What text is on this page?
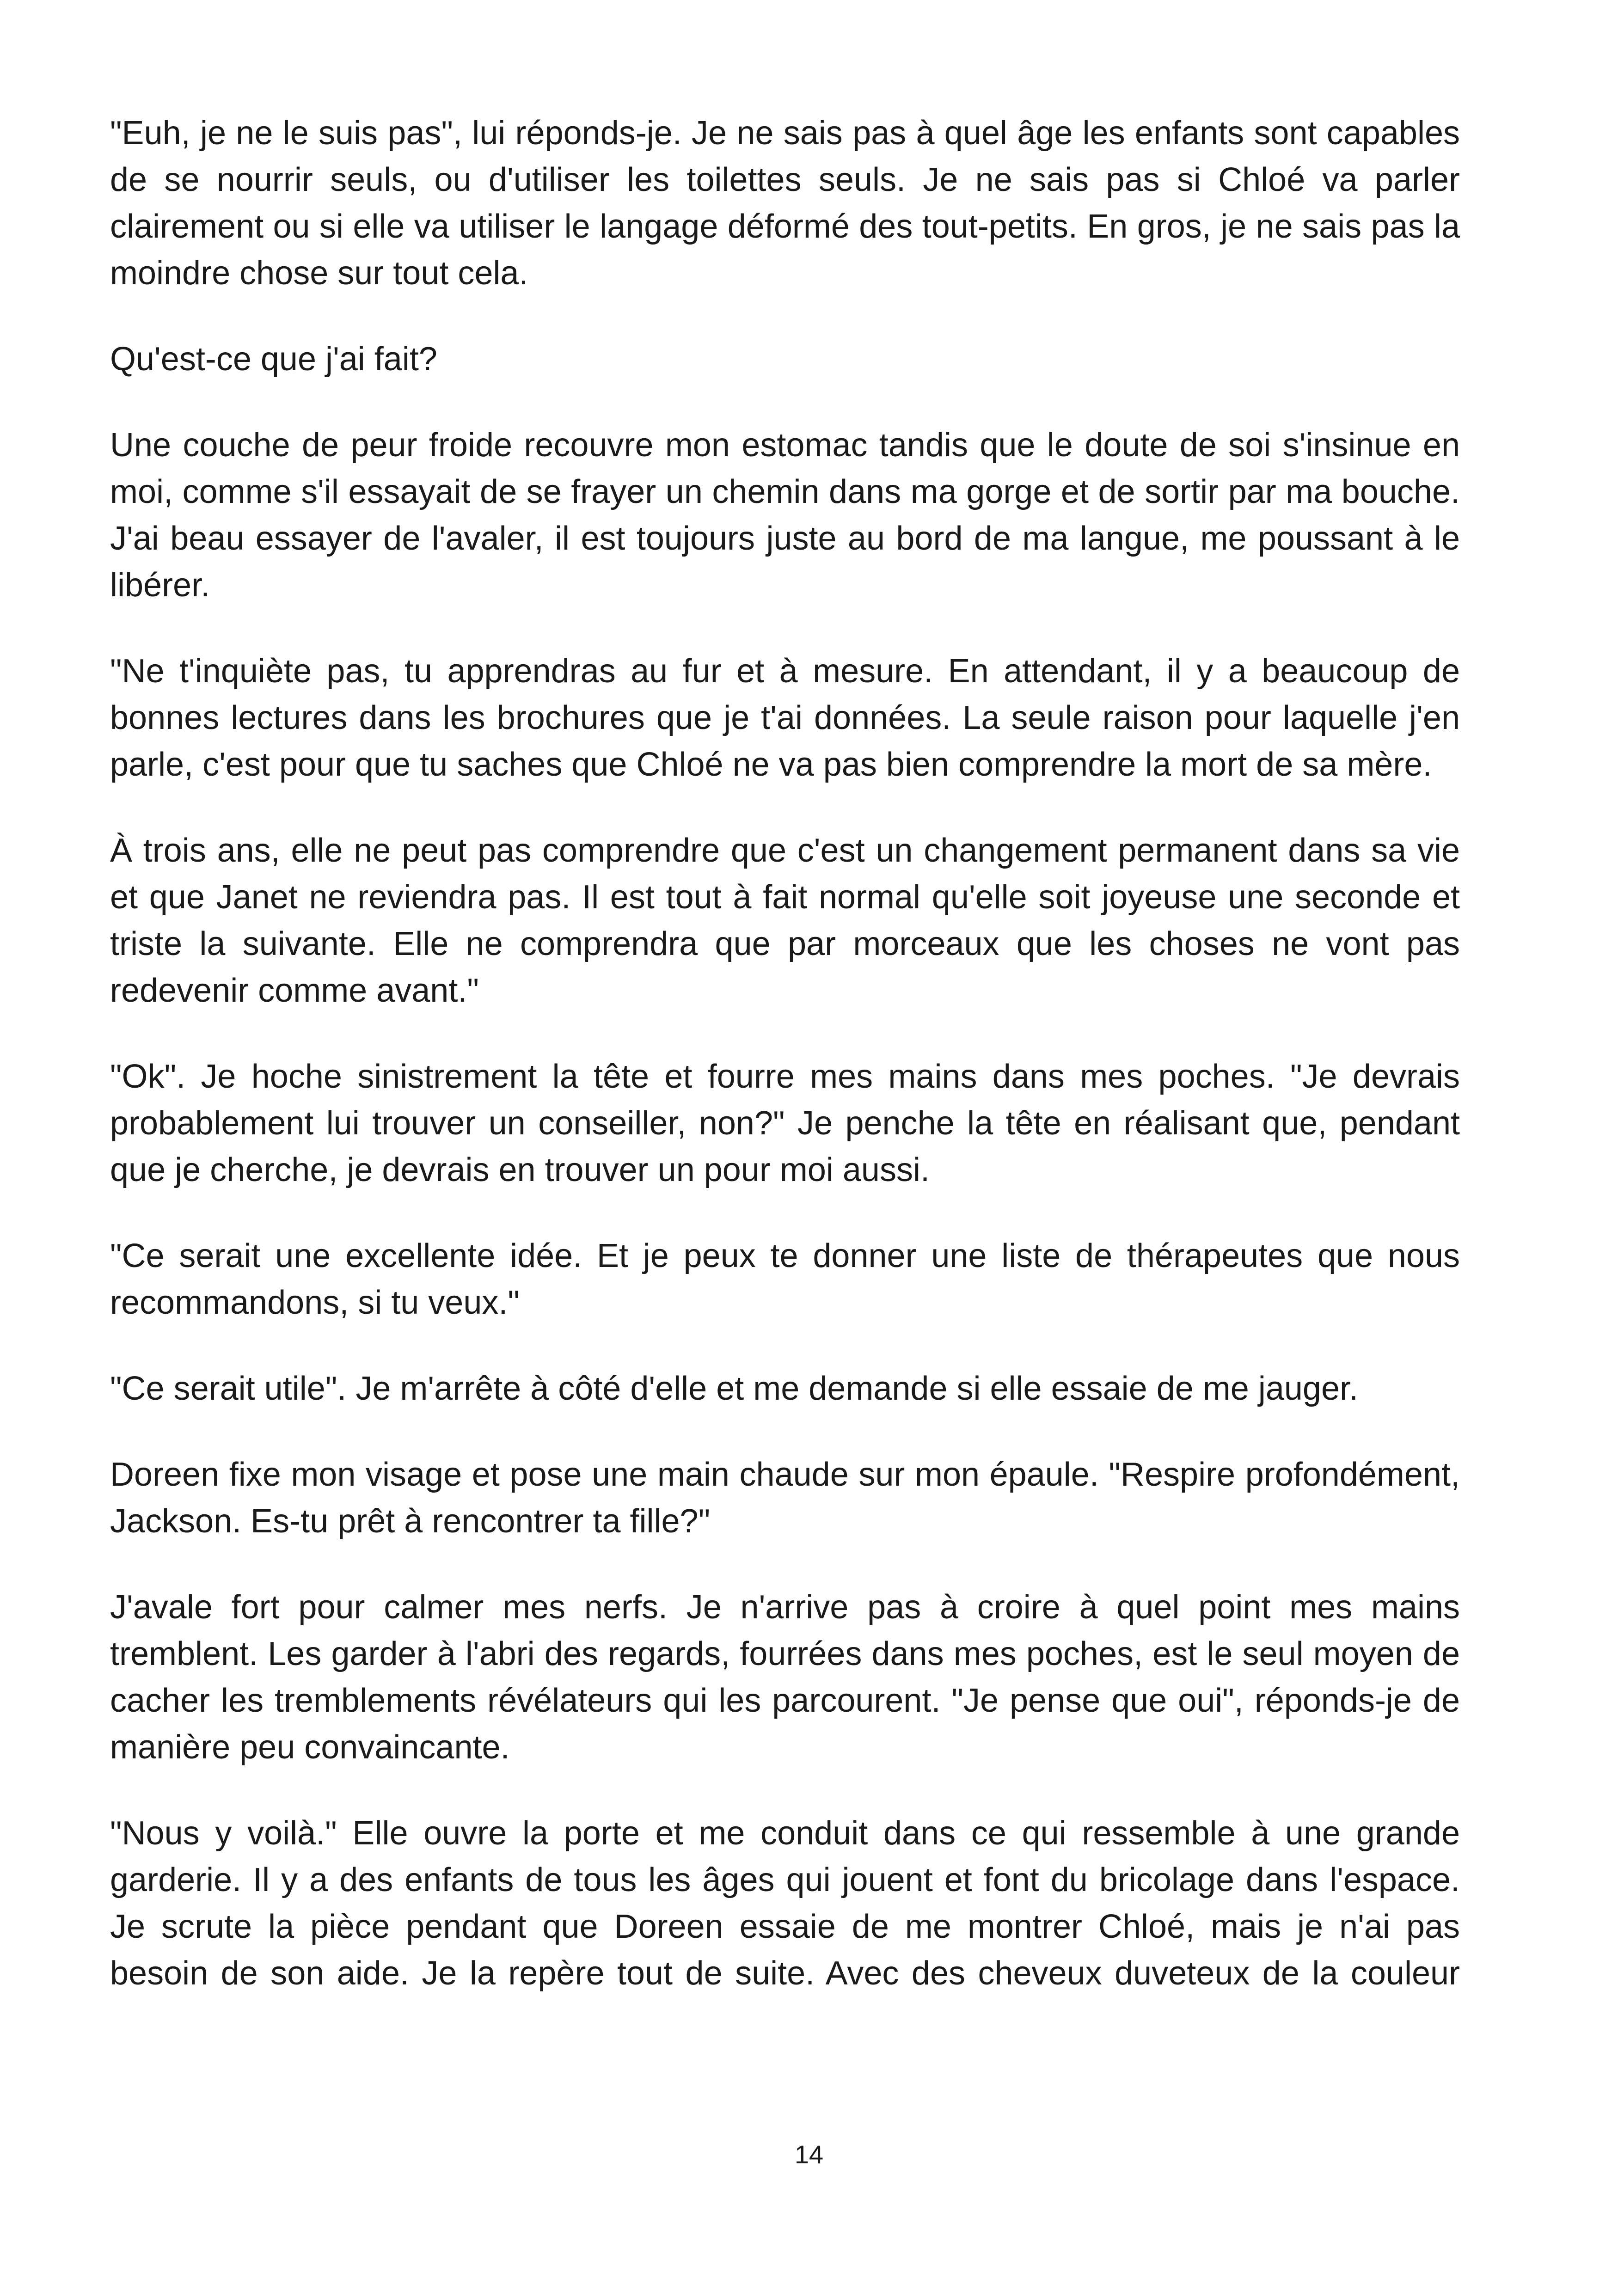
"Euh, je ne le suis pas", lui réponds-je. Je ne sais pas à quel âge les enfants sont capables de se nourrir seuls, ou d'utiliser les toilettes seuls. Je ne sais pas si Chloé va parler clairement ou si elle va utiliser le langage déformé des tout-petits. En gros, je ne sais pas la moindre chose sur tout cela.

Qu'est-ce que j'ai fait?

Une couche de peur froide recouvre mon estomac tandis que le doute de soi s'insinue en moi, comme s'il essayait de se frayer un chemin dans ma gorge et de sortir par ma bouche. J'ai beau essayer de l'avaler, il est toujours juste au bord de ma langue, me poussant à le libérer.

"Ne t'inquiète pas, tu apprendras au fur et à mesure. En attendant, il y a beaucoup de bonnes lectures dans les brochures que je t'ai données. La seule raison pour laquelle j'en parle, c'est pour que tu saches que Chloé ne va pas bien comprendre la mort de sa mère.

À trois ans, elle ne peut pas comprendre que c'est un changement permanent dans sa vie et que Janet ne reviendra pas. Il est tout à fait normal qu'elle soit joyeuse une seconde et triste la suivante. Elle ne comprendra que par morceaux que les choses ne vont pas redevenir comme avant."

"Ok". Je hoche sinistrement la tête et fourre mes mains dans mes poches. "Je devrais probablement lui trouver un conseiller, non?" Je penche la tête en réalisant que, pendant que je cherche, je devrais en trouver un pour moi aussi.

"Ce serait une excellente idée. Et je peux te donner une liste de thérapeutes que nous recommandons, si tu veux."

"Ce serait utile". Je m'arrête à côté d'elle et me demande si elle essaie de me jauger.

Doreen fixe mon visage et pose une main chaude sur mon épaule. "Respire profondément, Jackson. Es-tu prêt à rencontrer ta fille?"

J'avale fort pour calmer mes nerfs. Je n'arrive pas à croire à quel point mes mains tremblent. Les garder à l'abri des regards, fourrées dans mes poches, est le seul moyen de cacher les tremblements révélateurs qui les parcourent. "Je pense que oui", réponds-je de manière peu convaincante.

"Nous y voilà." Elle ouvre la porte et me conduit dans ce qui ressemble à une grande garderie. Il y a des enfants de tous les âges qui jouent et font du bricolage dans l'espace. Je scrute la pièce pendant que Doreen essaie de me montrer Chloé, mais je n'ai pas besoin de son aide. Je la repère tout de suite. Avec des cheveux duveteux de la couleur

14
